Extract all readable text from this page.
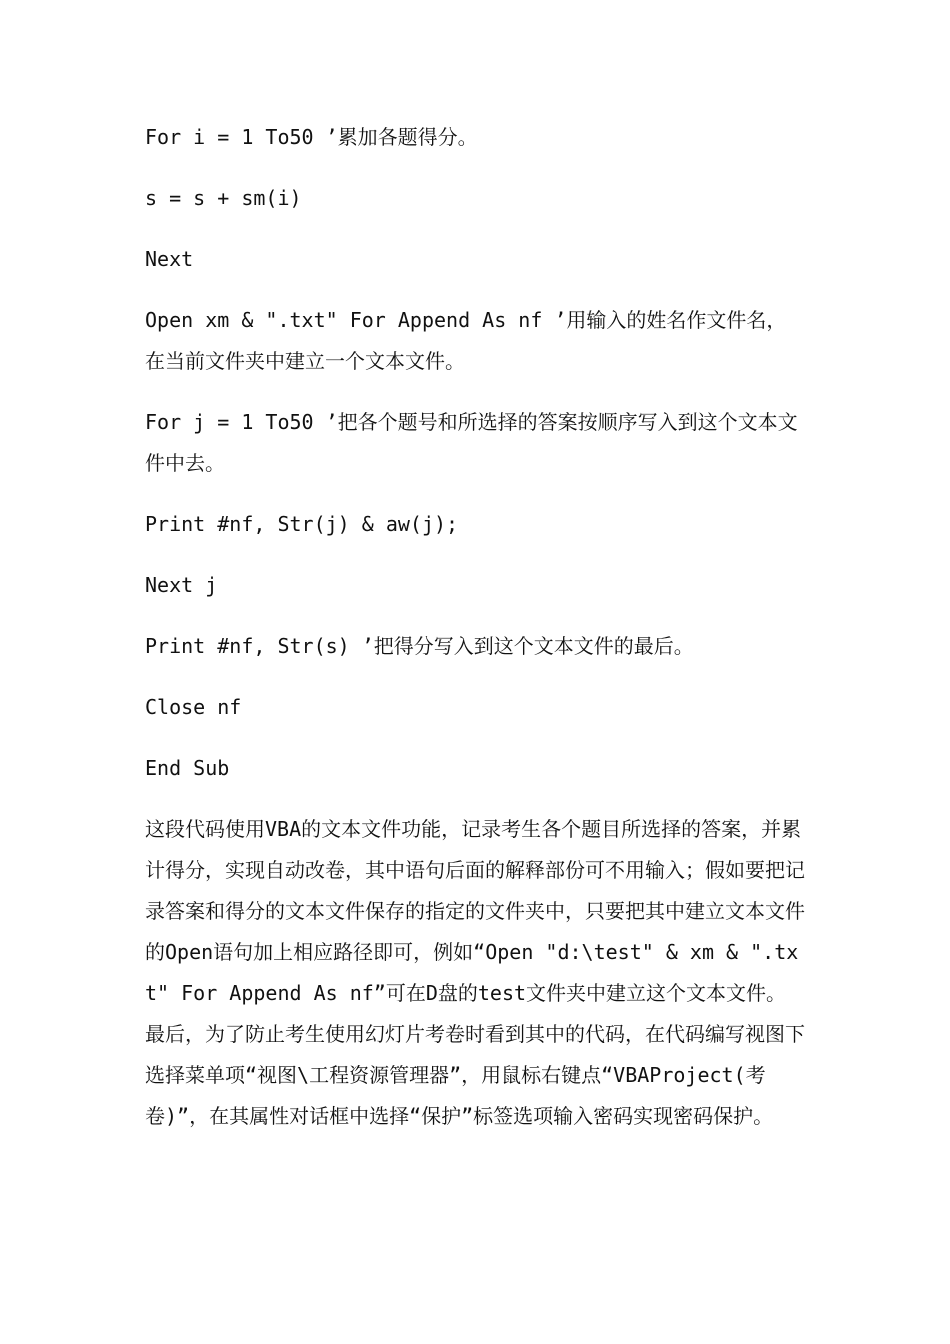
For i = 1 To50 ’累加各题得分。

s = s + sm(i)

Next

Open xm & ".txt" For Append As nf ’用输入的姓名作文件名，在当前文件夹中建立一个文本文件。

For j = 1 To50 ’把各个题号和所选择的答案按顺序写入到这个文本文件中去。

Print #nf, Str(j) & aw(j);

Next j

Print #nf, Str(s) ’把得分写入到这个文本文件的最后。

Close nf

End Sub

这段代码使用VBA的文本文件功能，记录考生各个题目所选择的答案，并累计得分，实现自动改卷，其中语句后面的解释部份可不用输入；假如要把记录答案和得分的文本文件保存的指定的文件夹中，只要把其中建立文本文件的Open语句加上相应路径即可，例如“Open "d:\test" & xm & ".txt" For Append As nf”可在D盘的test文件夹中建立这个文本文件。最后，为了防止考生使用幻灯片考卷时看到其中的代码，在代码编写视图下选择菜单项“视图\工程资源管理器”，用鼠标右键点“VBAProject(考卷)”，在其属性对话框中选择“保护”标签选项输入密码实现密码保护。
